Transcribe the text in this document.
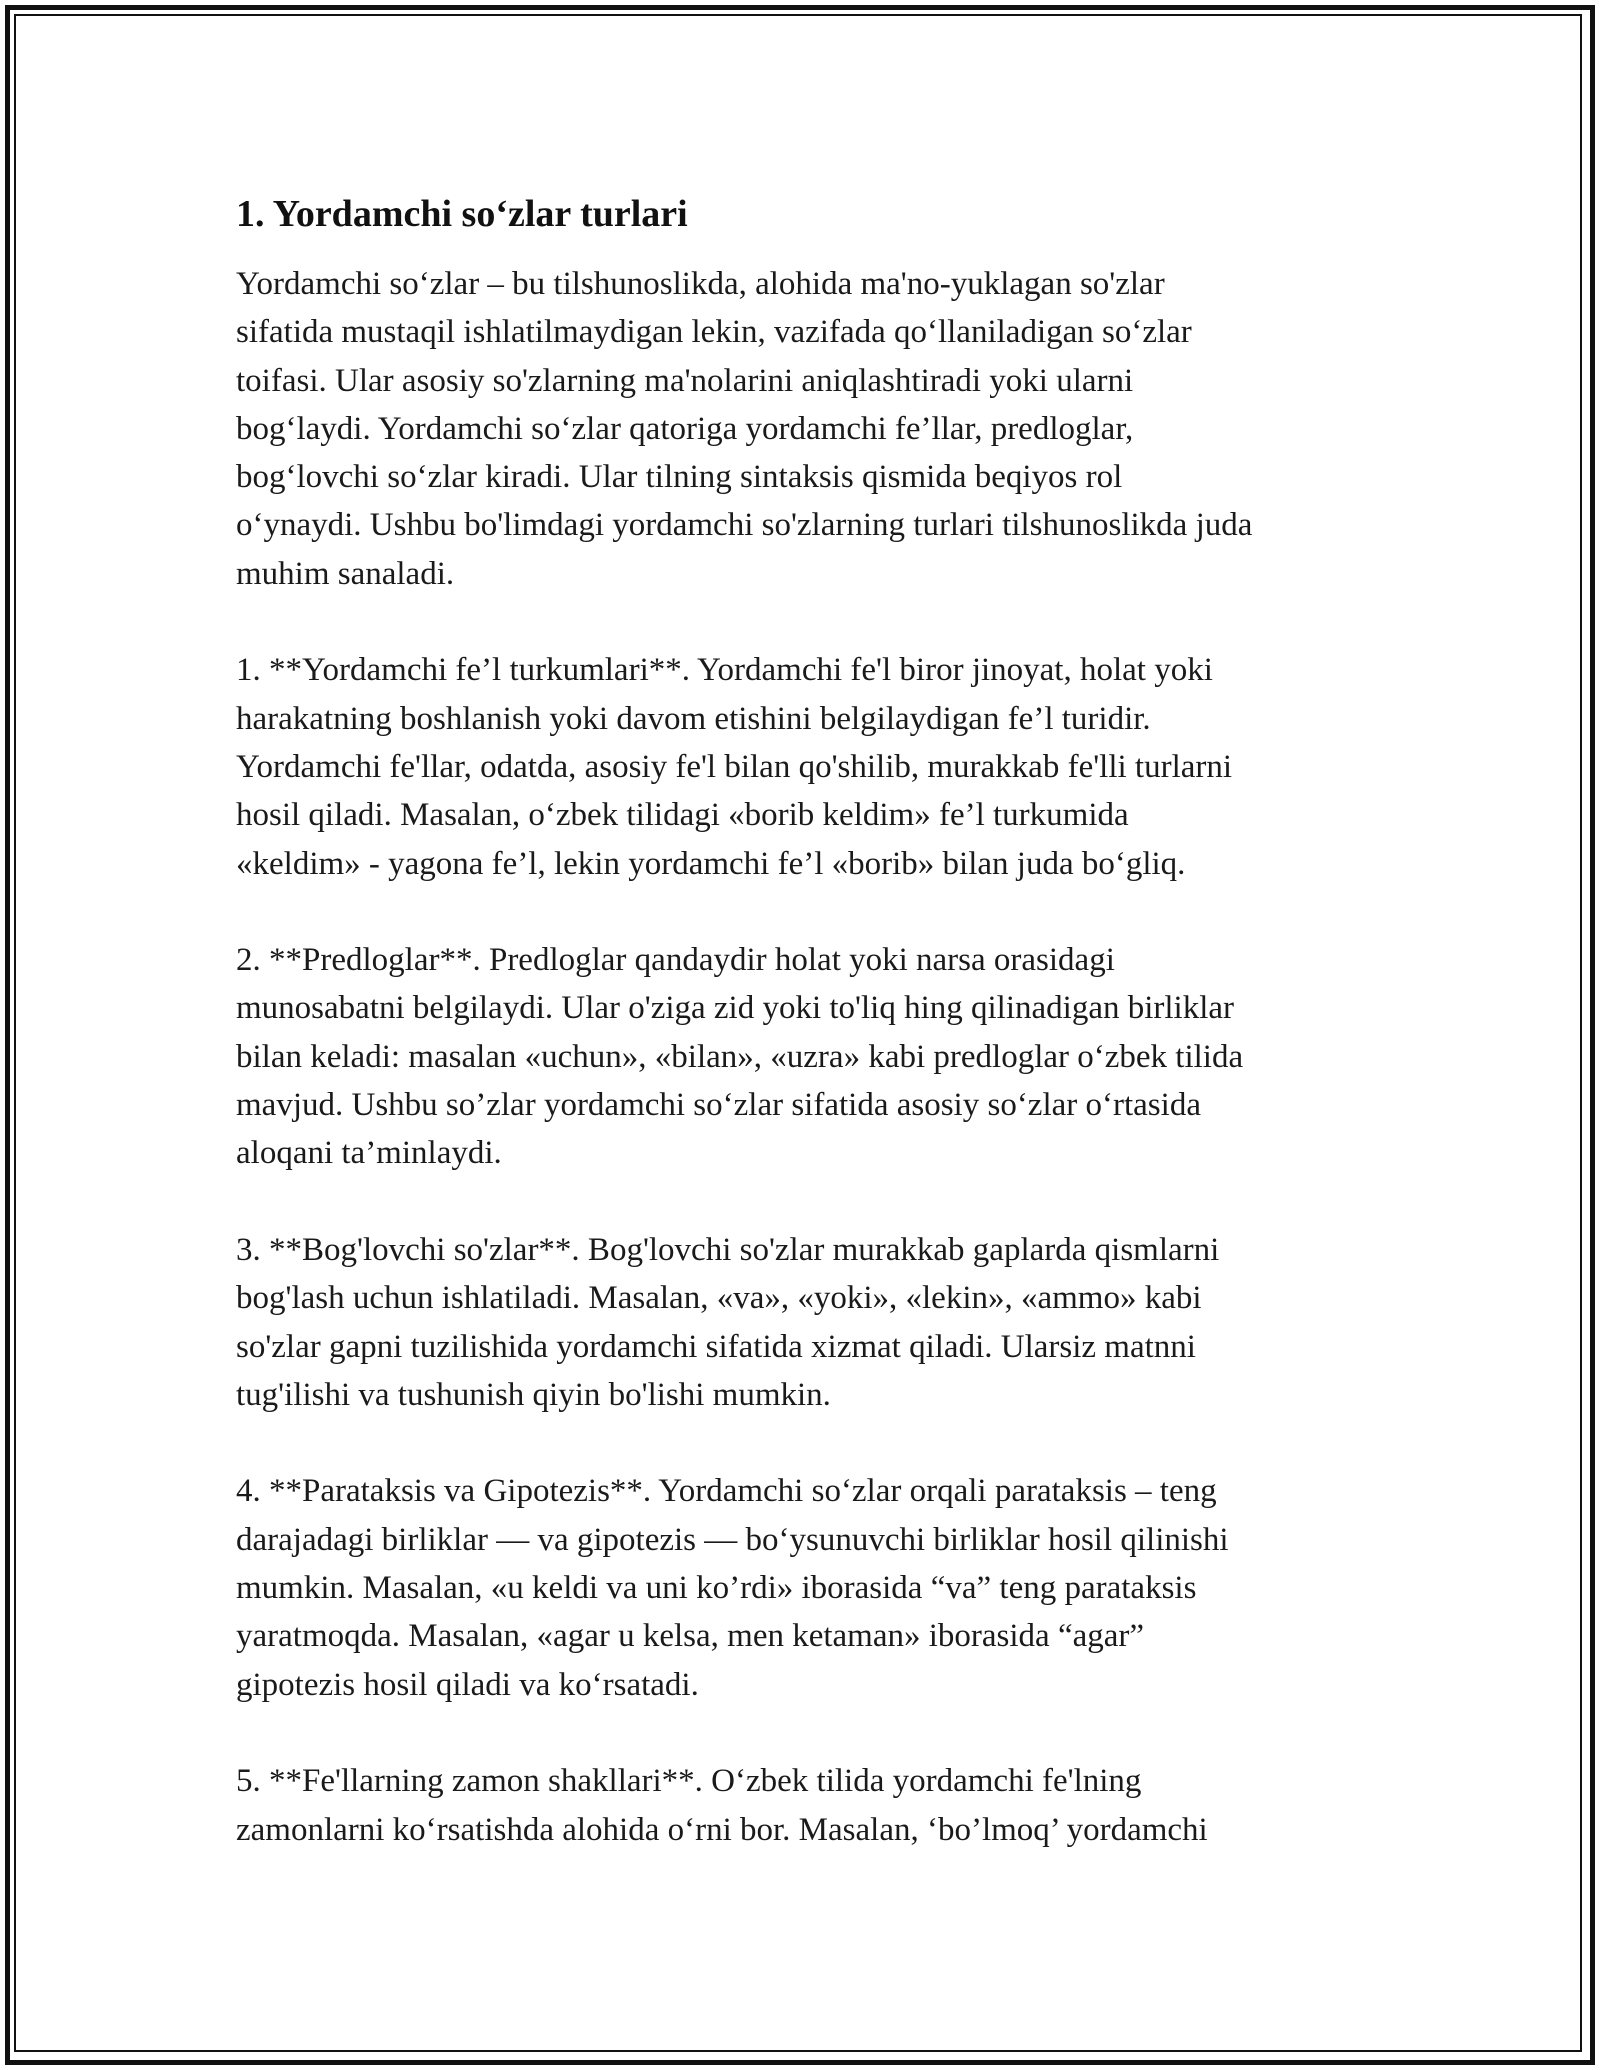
1. Yordamchi so‘zlar turlari
Yordamchi so‘zlar – bu tilshunoslikda, alohida ma'no-yuklagan so'zlar
sifatida mustaqil ishlatilmaydigan lekin, vazifada qo‘llaniladigan so‘zlar
toifasi. Ular asosiy so'zlarning ma'nolarini aniqlashtiradi yoki ularni
bog‘laydi. Yordamchi so‘zlar qatoriga yordamchi fe’llar, predloglar,
bog‘lovchi so‘zlar kiradi. Ular tilning sintaksis qismida beqiyos rol
o‘ynaydi. Ushbu bo'limdagi yordamchi so'zlarning turlari tilshunoslikda juda
muhim sanaladi.
1. **Yordamchi fe’l turkumlari**. Yordamchi fe'l biror jinoyat, holat yoki
harakatning boshlanish yoki davom etishini belgilaydigan fe’l turidir.
Yordamchi fe'llar, odatda, asosiy fe'l bilan qo'shilib, murakkab fe'lli turlarni
hosil qiladi. Masalan, o‘zbek tilidagi «borib keldim» fe’l turkumida
«keldim» - yagona fe’l, lekin yordamchi fe’l «borib» bilan juda bo‘gliq.
2. **Predloglar**. Predloglar qandaydir holat yoki narsa orasidagi
munosabatni belgilaydi. Ular o'ziga zid yoki to'liq hing qilinadigan birliklar
bilan keladi: masalan «uchun», «bilan», «uzra» kabi predloglar o‘zbek tilida
mavjud. Ushbu so’zlar yordamchi so‘zlar sifatida asosiy so‘zlar o‘rtasida
aloqani ta’minlaydi.
3. **Bog'lovchi so'zlar**. Bog'lovchi so'zlar murakkab gaplarda qismlarni
bog'lash uchun ishlatiladi. Masalan, «va», «yoki», «lekin», «ammo» kabi
so'zlar gapni tuzilishida yordamchi sifatida xizmat qiladi. Ularsiz matnni
tug'ilishi va tushunish qiyin bo'lishi mumkin.
4. **Parataksis va Gipotezis**. Yordamchi so‘zlar orqali parataksis – teng
darajadagi birliklar — va gipotezis — bo‘ysunuvchi birliklar hosil qilinishi
mumkin. Masalan, «u keldi va uni ko’rdi» iborasida “va” teng parataksis
yaratmoqda. Masalan, «agar u kelsa, men ketaman» iborasida “agar”
gipotezis hosil qiladi va ko‘rsatadi.
5. **Fe'llarning zamon shakllari**. O‘zbek tilida yordamchi fe'lning
zamonlarni ko‘rsatishda alohida o‘rni bor. Masalan, ‘bo’lmoq’ yordamchi
